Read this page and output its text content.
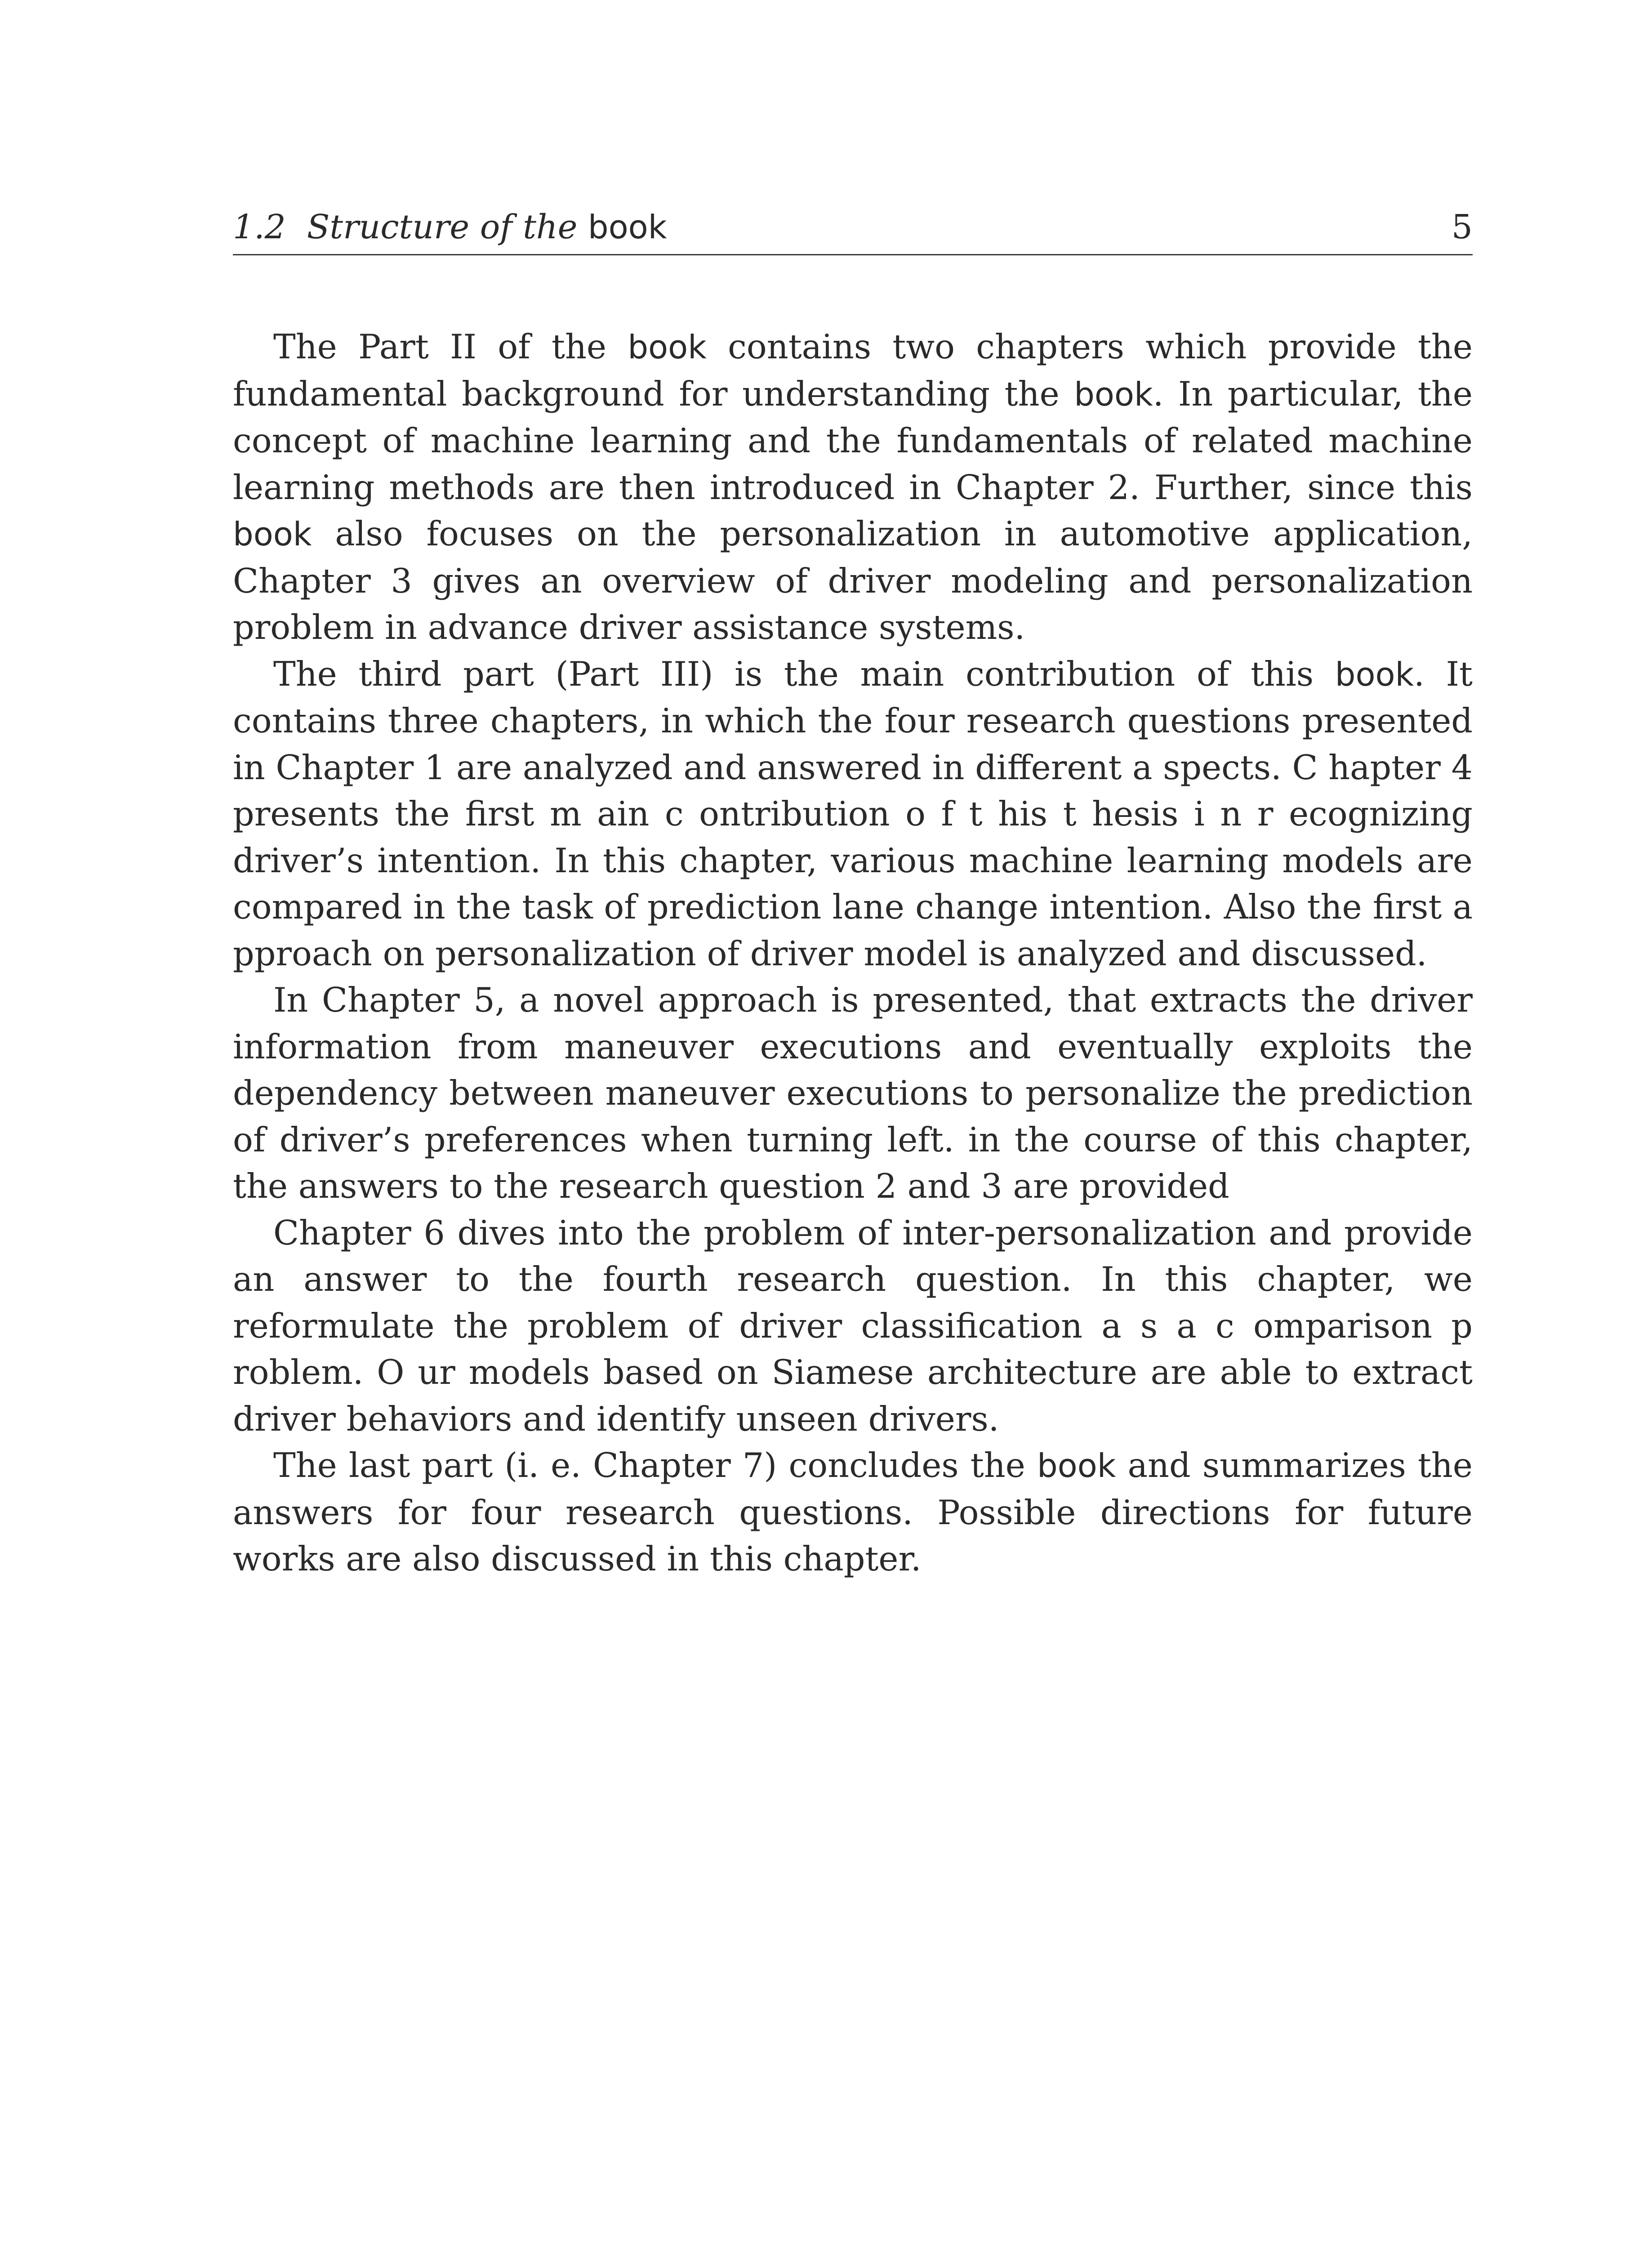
1.2 Structure of the book	5

The Part II of the book contains two chapters which provide the fundamental background for understanding the book. In particular, the concept of machine learning and the fundamentals of related machine learning methods are then introduced in Chapter 2. Further, since this book also focuses on the personalization in automotive application, Chapter 3 gives an overview of driver modeling and personalization problem in advance driver assistance systems.

The third part (Part III) is the main contribution of this book. It contains three chapters, in which the four research questions presented in Chapter 1 are analyzed and answered in different a spects. C hapter 4 presents the first m ain c ontribution o f t his t hesis i n r ecognizing driver’s intention. In this chapter, various machine learning models are compared in the task of prediction lane change intention. Also the first a pproach on personalization of driver model is analyzed and discussed.

In Chapter 5, a novel approach is presented, that extracts the driver information from maneuver executions and eventually exploits the dependency between maneuver executions to personalize the prediction of driver’s preferences when turning left. in the course of this chapter, the answers to the research question 2 and 3 are provided

Chapter 6 dives into the problem of inter-personalization and provide an answer to the fourth research question. In this chapter, we reformulate the problem of driver classification a s a c omparison p roblem. O ur models based on Siamese architecture are able to extract driver behaviors and identify unseen drivers.

The last part (i. e. Chapter 7) concludes the book and summarizes the answers for four research questions. Possible directions for future works are also discussed in this chapter.
